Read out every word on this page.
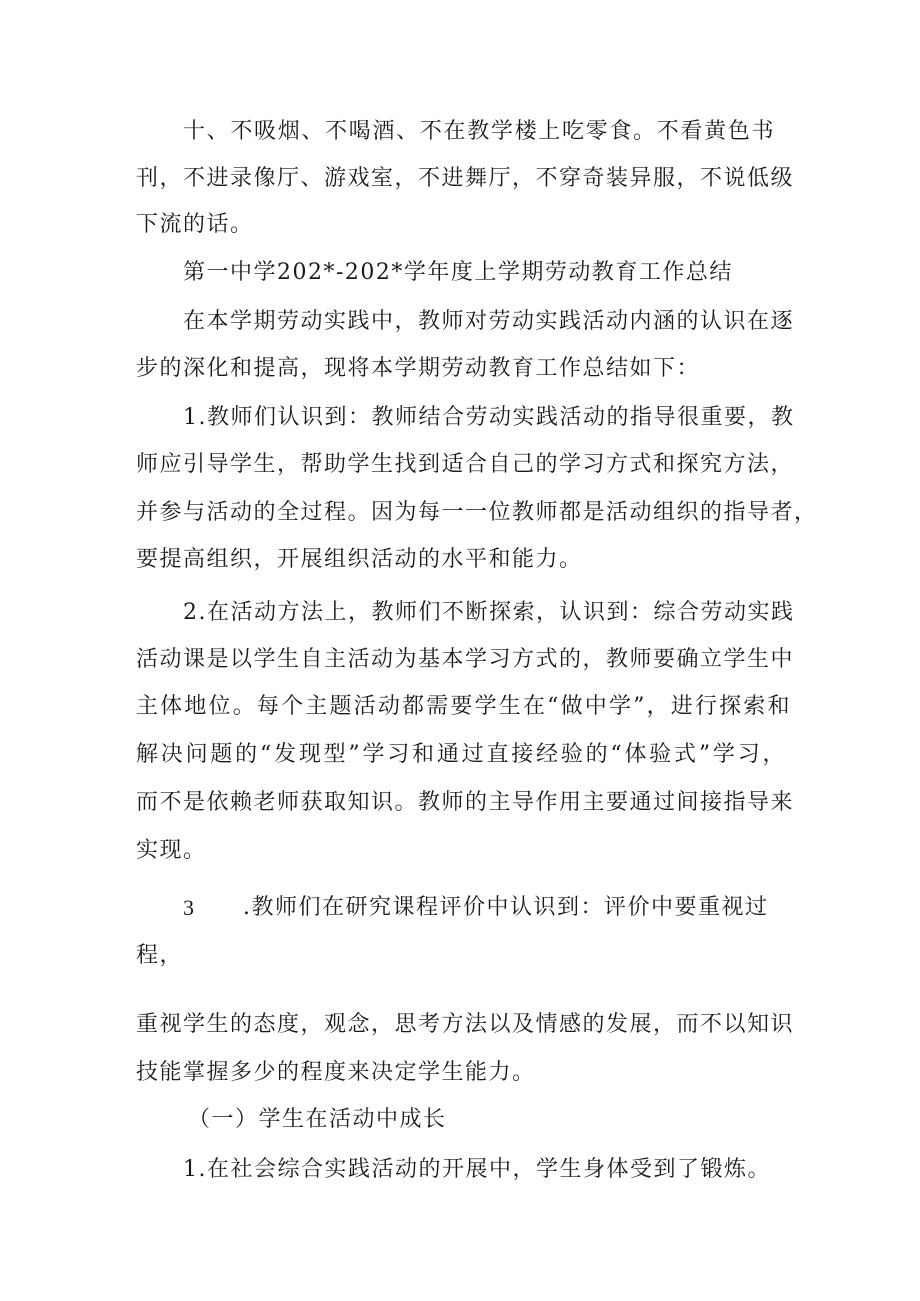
十、不吸烟、不喝酒、不在教学楼上吃零食。不看黄色书

刊，不进录像厅、游戏室，不进舞厅，不穿奇装异服，不说低级

下流的话。

第一中学202*-202*学年度上学期劳动教育工作总结

在本学期劳动实践中，教师对劳动实践活动内涵的认识在逐

步的深化和提高，现将本学期劳动教育工作总结如下：

1.教师们认识到：教师结合劳动实践活动的指导很重要，教

师应引导学生，帮助学生找到适合自己的学习方式和探究方法，

并参与活动的全过程。因为每一一位教师都是活动组织的指导者，

要提高组织，开展组织活动的水平和能力。

2.在活动方法上，教师们不断探索，认识到：综合劳动实践

活动课是以学生自主活动为基本学习方式的，教师要确立学生中

主体地位。每个主题活动都需要学生在“做中学”，进行探索和

解决问题的“发现型”学习和通过直接经验的“体验式”学习，

而不是依赖老师获取知识。教师的主导作用主要通过间接指导来

实现。

3 .教师们在研究课程评价中认识到：评价中要重视过

程，

重视学生的态度，观念，思考方法以及情感的发展，而不以知识

技能掌握多少的程度来决定学生能力。

（一）学生在活动中成长

1.在社会综合实践活动的开展中，学生身体受到了锻炼。
